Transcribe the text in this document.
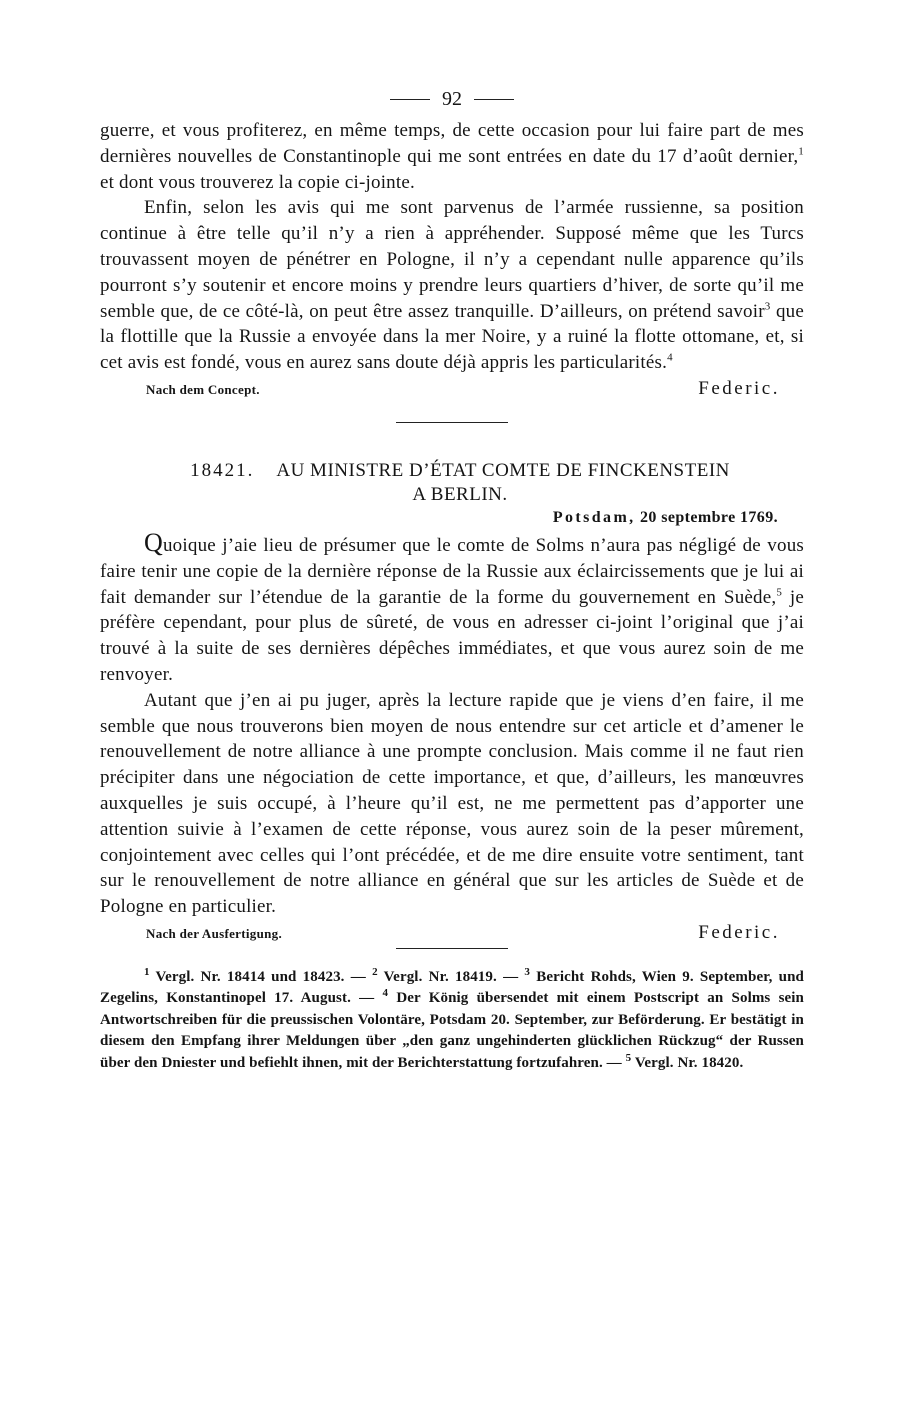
92

guerre, et vous profiterez, en même temps, de cette occasion pour lui faire part de mes dernières nouvelles de Constantinople qui me sont entrées en date du 17 d’août dernier,$^1$ et dont vous trouverez la copie ci-jointe.

Enfin, selon les avis qui me sont parvenus de l’armée russienne, sa position continue à être telle qu’il n’y a rien à appréhender. Supposé même que les Turcs trouvassent moyen de pénétrer en Pologne, il n’y a cependant nulle apparence qu’ils pourront s’y soutenir et encore moins y prendre leurs quartiers d’hiver, de sorte qu’il me semble que, de ce côté-là, on peut être assez tranquille. D’ailleurs, on prétend savoir$^3$ que la flottille que la Russie a envoyée dans la mer Noire, y a ruiné la flotte ottomane, et, si cet avis est fondé, vous en aurez sans doute déjà appris les particularités.$^4$

Nach dem Concept.	Federic.
18421. AU MINISTRE D’ÉTAT COMTE DE FINCKENSTEIN
A BERLIN.
Potsdam, 20 septembre 1769.

Quoique j’aie lieu de présumer que le comte de Solms n’aura pas négligé de vous faire tenir une copie de la dernière réponse de la Russie aux éclaircissements que je lui ai fait demander sur l’étendue de la garantie de la forme du gouvernement en Suède,$^5$ je préfère cependant, pour plus de sûreté, de vous en adresser ci-joint l’original que j’ai trouvé à la suite de ses dernières dépêches immédiates, et que vous aurez soin de me renvoyer.

Autant que j’en ai pu juger, après la lecture rapide que je viens d’en faire, il me semble que nous trouverons bien moyen de nous entendre sur cet article et d’amener le renouvellement de notre alliance à une prompte conclusion. Mais comme il ne faut rien précipiter dans une négociation de cette importance, et que, d’ailleurs, les manœuvres auxquelles je suis occupé, à l’heure qu’il est, ne me permettent pas d’apporter une attention suivie à l’examen de cette réponse, vous aurez soin de la peser mûrement, conjointement avec celles qui l’ont précédée, et de me dire ensuite votre sentiment, tant sur le renouvellement de notre alliance en général que sur les articles de Suède et de Pologne en particulier.

Nach der Ausfertigung.	Federic.

$^1$ Vergl. Nr. 18414 und 18423. — $^2$ Vergl. Nr. 18419. — $^3$ Bericht Rohds, Wien 9. September, und Zegelins, Konstantinopel 17. August. — $^4$ Der König übersendet mit einem Postscript an Solms sein Antwortschreiben für die preussischen Volontäre, Potsdam 20. September, zur Beförderung. Er bestätigt in diesem den Empfang ihrer Meldungen über „den ganz ungehinderten glücklichen Rückzug“ der Russen über den Dniester und befiehlt ihnen, mit der Berichterstattung fortzufahren. — $^5$ Vergl. Nr. 18420.
